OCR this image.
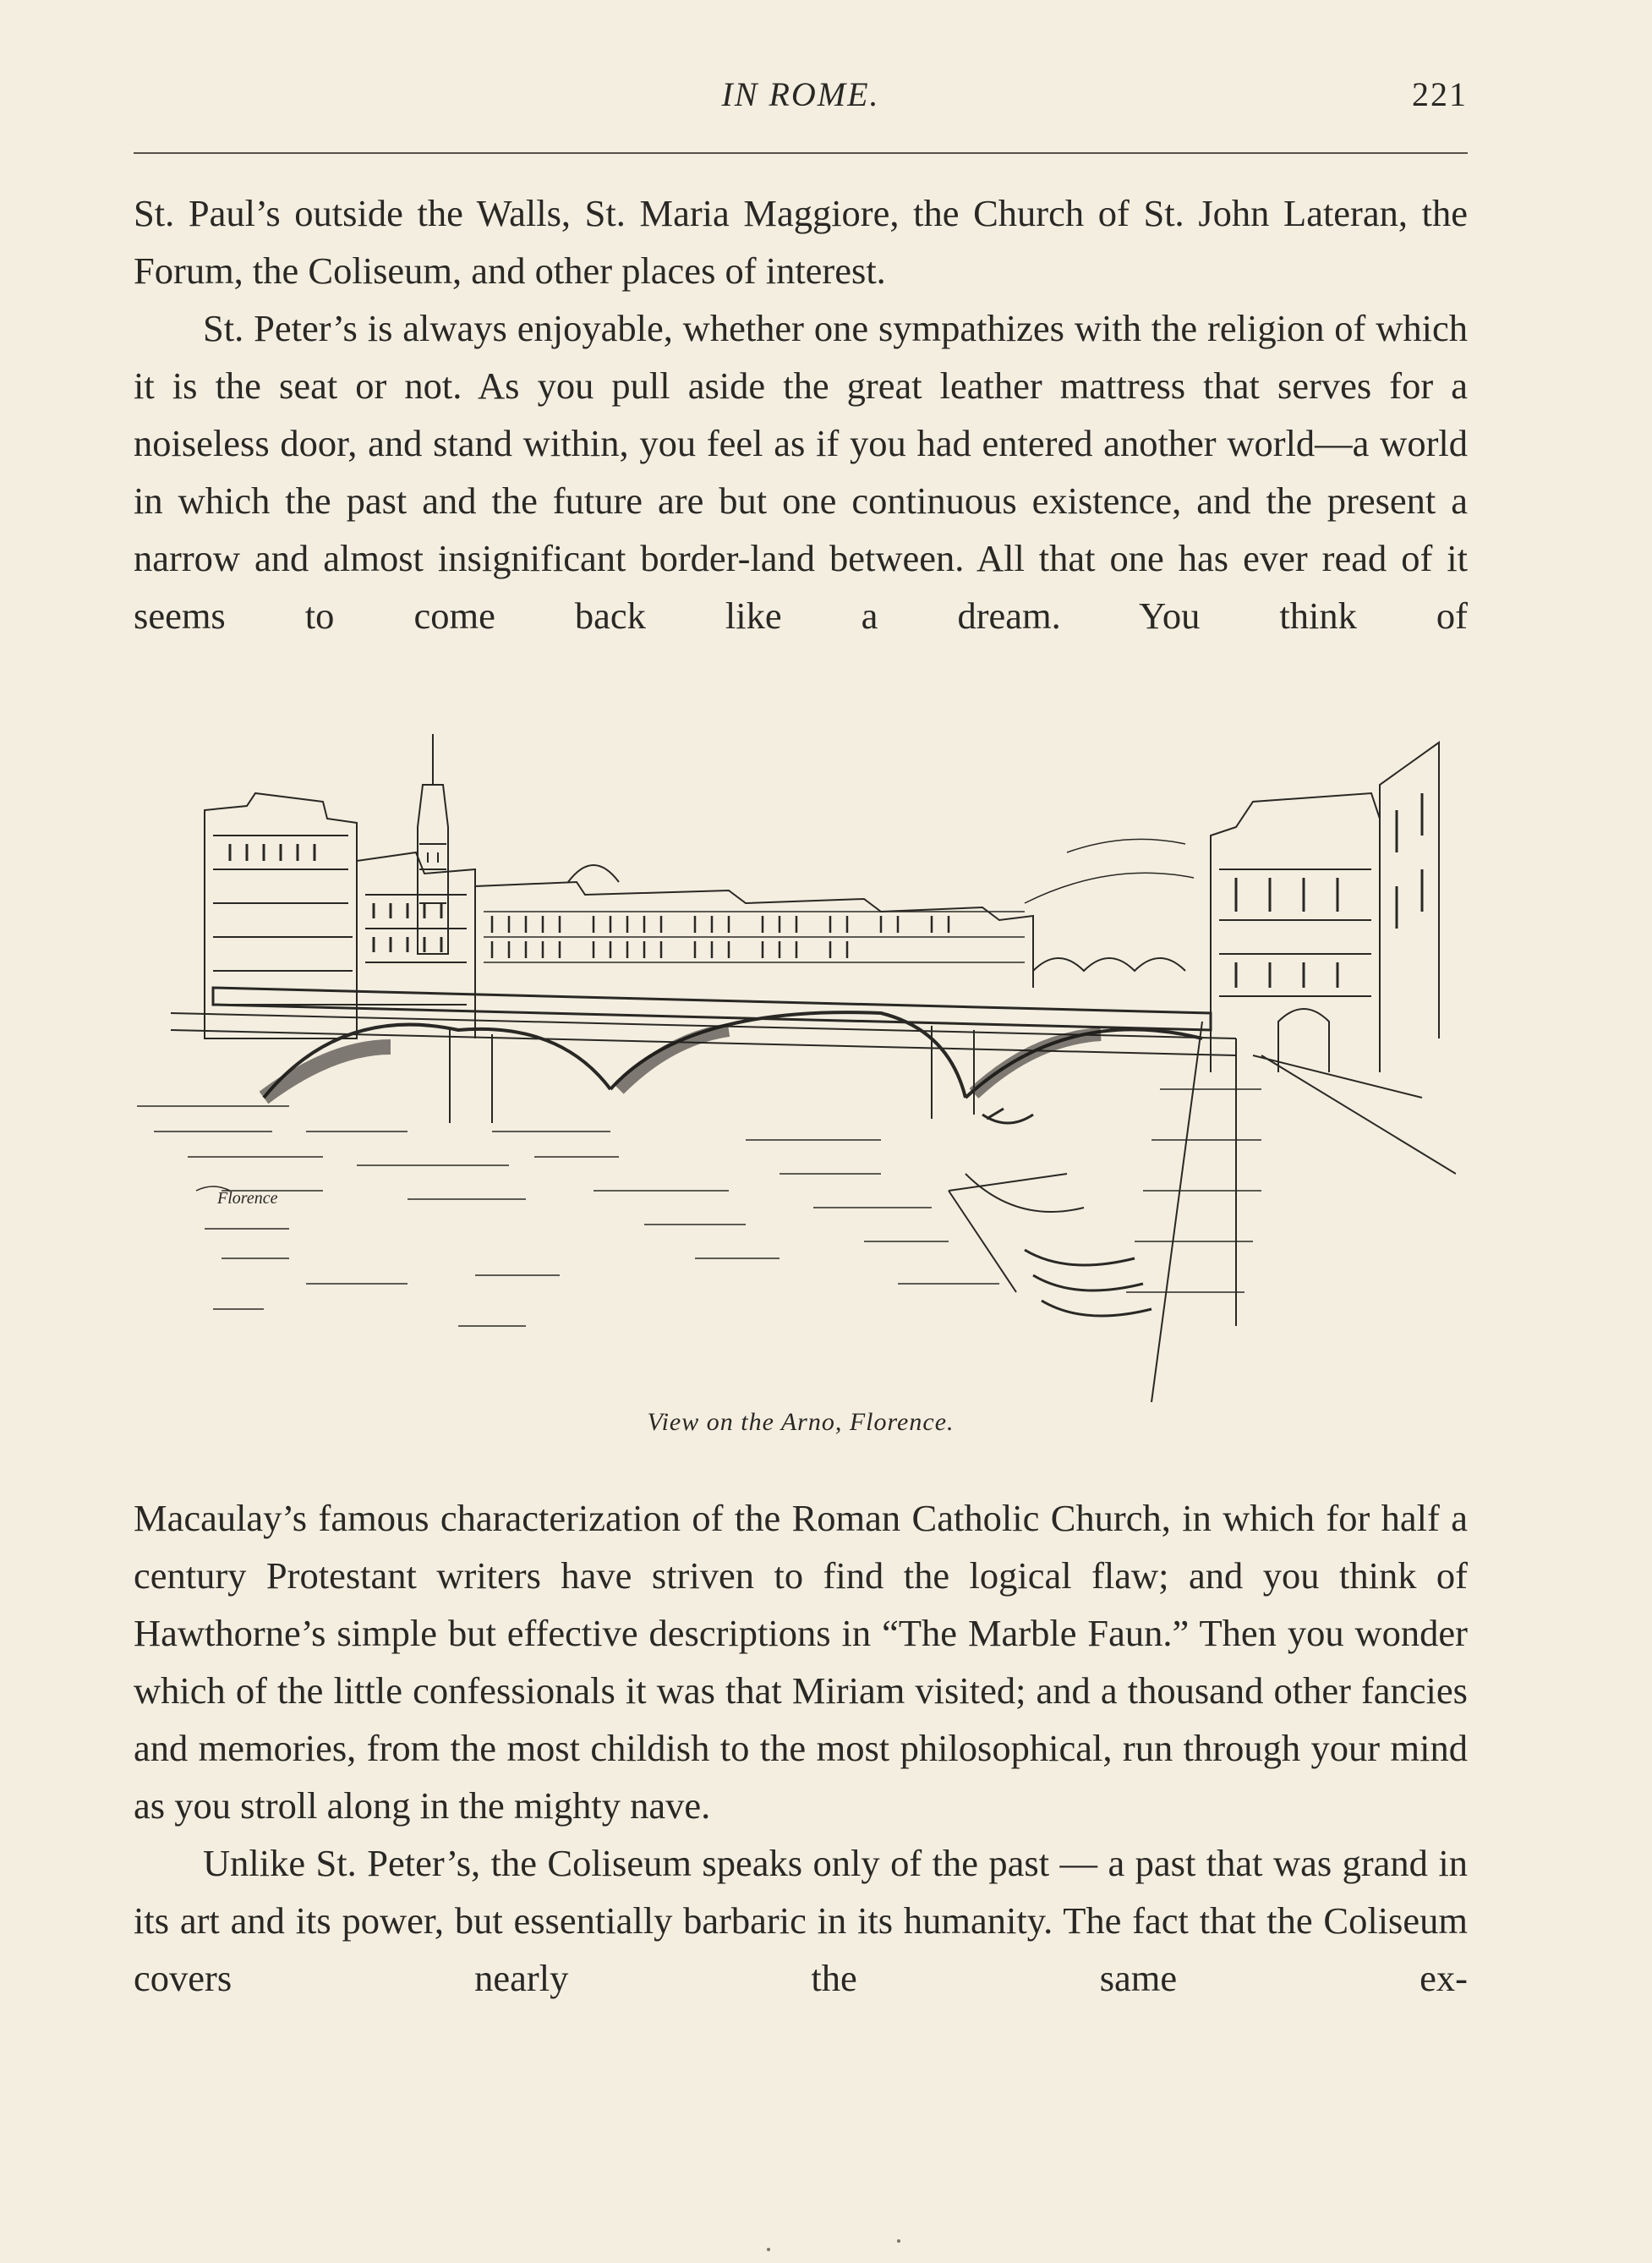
IN ROME.	221

St. Paul’s outside the Walls, St. Maria Maggiore, the Church of St. John Lateran, the Forum, the Coliseum, and other places of interest.

St. Peter’s is always enjoyable, whether one sympathizes with the religion of which it is the seat or not. As you pull aside the great leather mattress that serves for a noiseless door, and stand within, you feel as if you had entered another world—a world in which the past and the future are but one continuous existence, and the present a narrow and almost insignificant border-land between. All that one has ever read of it seems to come back like a dream. You think of

Florence
View on the Arno, Florence.

Macaulay’s famous characterization of the Roman Catholic Church, in which for half a century Protestant writers have striven to find the logical flaw; and you think of Hawthorne’s simple but effective descriptions in “The Marble Faun.” Then you wonder which of the little confessionals it was that Miriam visited; and a thousand other fancies and memories, from the most childish to the most philosophical, run through your mind as you stroll along in the mighty nave.

Unlike St. Peter’s, the Coliseum speaks only of the past — a past that was grand in its art and its power, but essentially barbaric in its humanity. The fact that the Coliseum covers nearly the same ex-
